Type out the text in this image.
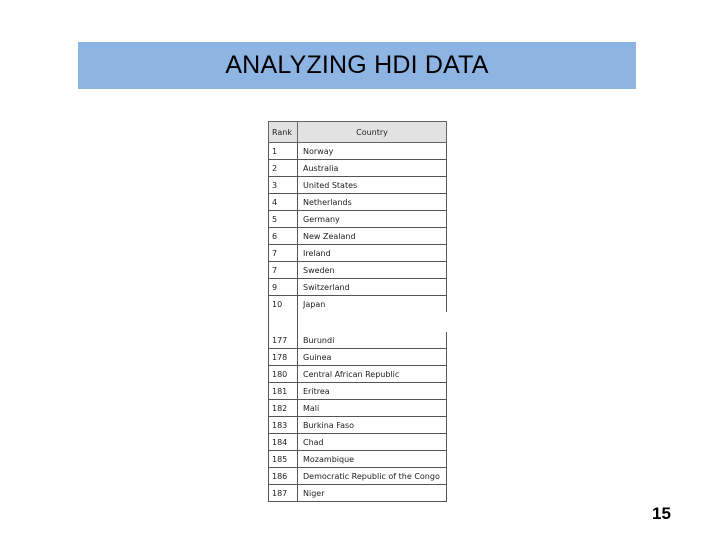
ANALYZING HDI DATA
Rank	Country
1	Norway
2	Australia
3	United States
4	Netherlands
5	Germany
6	New Zealand
7	Ireland
7	Sweden
9	Switzerland
10	Japan

177	Burundi
178	Guinea
180	Central African Republic
181	Eritrea
182	Mali
183	Burkina Faso
184	Chad
185	Mozambique
186	Democratic Republic of the Congo
187	Niger
15
